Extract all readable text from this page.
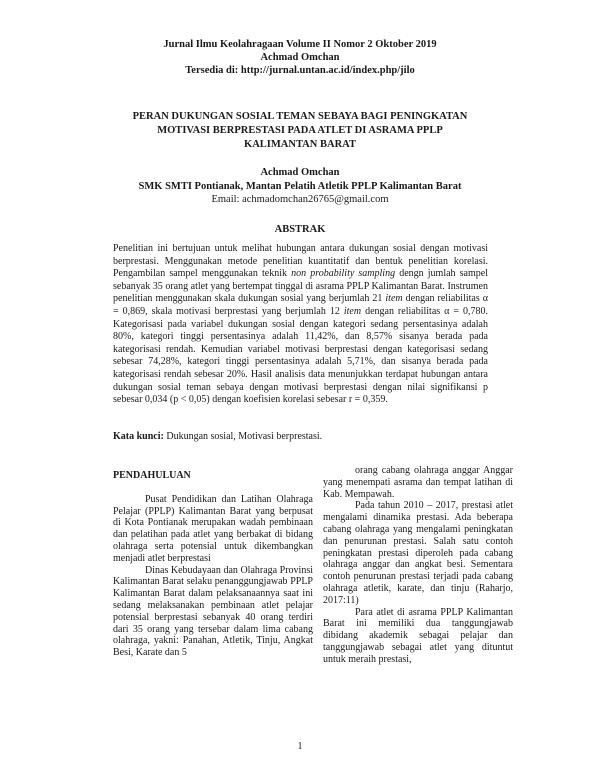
Jurnal Ilmu Keolahragaan Volume II Nomor 2 Oktober 2019
Achmad Omchan
Tersedia di: http://jurnal.untan.ac.id/index.php/jilo
PERAN DUKUNGAN SOSIAL TEMAN SEBAYA BAGI PENINGKATAN
MOTIVASI BERPRESTASI PADA ATLET DI ASRAMA PPLP
KALIMANTAN BARAT
Achmad Omchan
SMK SMTI Pontianak, Mantan Pelatih Atletik PPLP Kalimantan Barat
Email: achmadomchan26765@gmail.com
ABSTRAK

Penelitian ini bertujuan untuk melihat hubungan antara dukungan sosial dengan motivasi berprestasi. Menggunakan metode penelitian kuantitatif dan bentuk penelitian korelasi. Pengambilan sampel menggunakan teknik non probability sampling dengn jumlah sampel sebanyak 35 orang atlet yang bertempat tinggal di asrama PPLP Kalimantan Barat. Instrumen penelitian menggunakan skala dukungan sosial yang berjumlah 21 item dengan reliabilitas α = 0,869, skala motivasi berprestasi yang berjumlah 12 item dengan reliabilitas α = 0,780. Kategorisasi pada variabel dukungan sosial dengan kategori sedang persentasinya adalah 80%, kategori tinggi persentasinya adalah 11,42%, dan 8,57% sisanya berada pada kategorisasi rendah. Kemudian variabel motivasi berprestasi dengan kategorisasi sedang sebesar 74,28%, kategori tinggi persentasinya adalah 5,71%, dan sisanya berada pada kategorisasi rendah sebesar 20%. Hasil analisis data menunjukkan terdapat hubungan antara dukungan sosial teman sebaya dengan motivasi berprestasi dengan nilai signifikansi p sebesar 0,034 (p < 0,05) dengan koefisien korelasi sebesar r = 0,359.

Kata kunci: Dukungan sosial, Motivasi berprestasi.

PENDAHULUAN

Pusat Pendidikan dan Latihan Olahraga Pelajar (PPLP) Kalimantan Barat yang berpusat di Kota Pontianak merupakan wadah pembinaan dan pelatihan pada atlet yang berbakat di bidang olahraga serta potensial untuk dikembangkan menjadi atlet berprestasi

Dinas Kebudayaan dan Olahraga Provinsi Kalimantan Barat selaku penanggungjawab PPLP Kalimantan Barat dalam pelaksanaannya saat ini sedang melaksanakan pembinaan atlet pelajar potensial berprestasi sebanyak 40 orang terdiri dari 35 orang yang tersebar dalam lima cabang olahraga, yakni: Panahan, Atletik, Tinju, Angkat Besi, Karate dan 5

orang cabang olahraga anggar Anggar yang menempati asrama dan tempat latihan di Kab. Mempawah.

Pada tahun 2010 – 2017, prestasi atlet mengalami dinamika prestasi. Ada beberapa cabang olahraga yang mengalami peningkatan dan penurunan prestasi. Salah satu contoh peningkatan prestasi diperoleh pada cabang olahraga anggar dan angkat besi. Sementara contoh penurunan prestasi terjadi pada cabang olahraga atletik, karate, dan tinju (Raharjo, 2017:11)

Para atlet di asrama PPLP Kalimantan Barat ini memiliki dua tanggungjawab dibidang akademik sebagai pelajar dan tanggungjawab sebagai atlet yang dituntut untuk meraih prestasi,

1
